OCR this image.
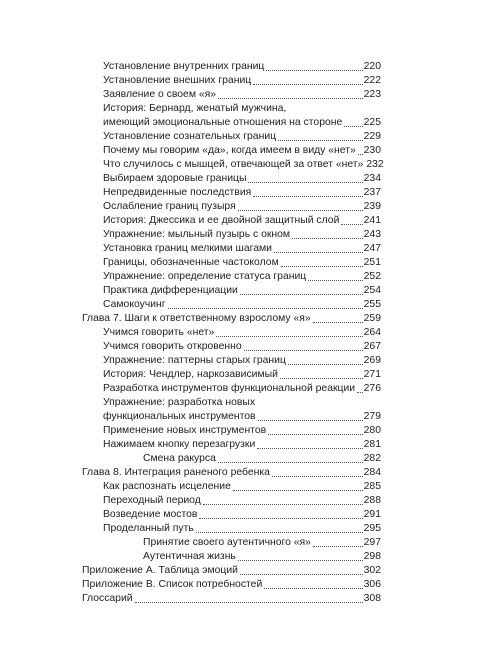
Установление внутренних границ	220
Установление внешних границ	222
Заявление о своем «я»	223
История: Бернард, женатый мужчина,
имеющий эмоциональные отношения на стороне 225
Установление сознательных границ	229
Почему мы говорим «да», когда имеем в виду «нет» 230
Что случилось с мышцей, отвечающей за ответ «нет» 232
Выбираем здоровые границы	234
Непредвиденные последствия	237
Ослабление границ пузыря	239
История: Джессика и ее двойной защитный слой 241
Упражнение: мыльный пузырь с окном	243
Установка границ мелкими шагами	247
Границы, обозначенные частоколом	251
Упражнение: определение статуса границ	252
Практика дифференциации	254
Самокоучинг	255
Глава 7. Шаги к ответственному взрослому «я»	259
Учимся говорить «нет»	264
Учимся говорить откровенно	267
Упражнение: паттерны старых границ	269
История: Чендлер, наркозависимый	271
Разработка инструментов функциональной реакции 276
Упражнение: разработка новых
функциональных инструментов	279
Применение новых инструментов	280
Нажимаем кнопку перезагрузки	281
Смена ракурса	282
Глава 8. Интеграция раненого ребенка	284
Как распознать исцеление	285
Переходный период	288
Возведение мостов	291
Проделанный путь	295
Принятие своего аутентичного «я»	297
Аутентичная жизнь	298
Приложение А. Таблица эмоций	302
Приложение В. Список потребностей	306
Глоссарий	308
